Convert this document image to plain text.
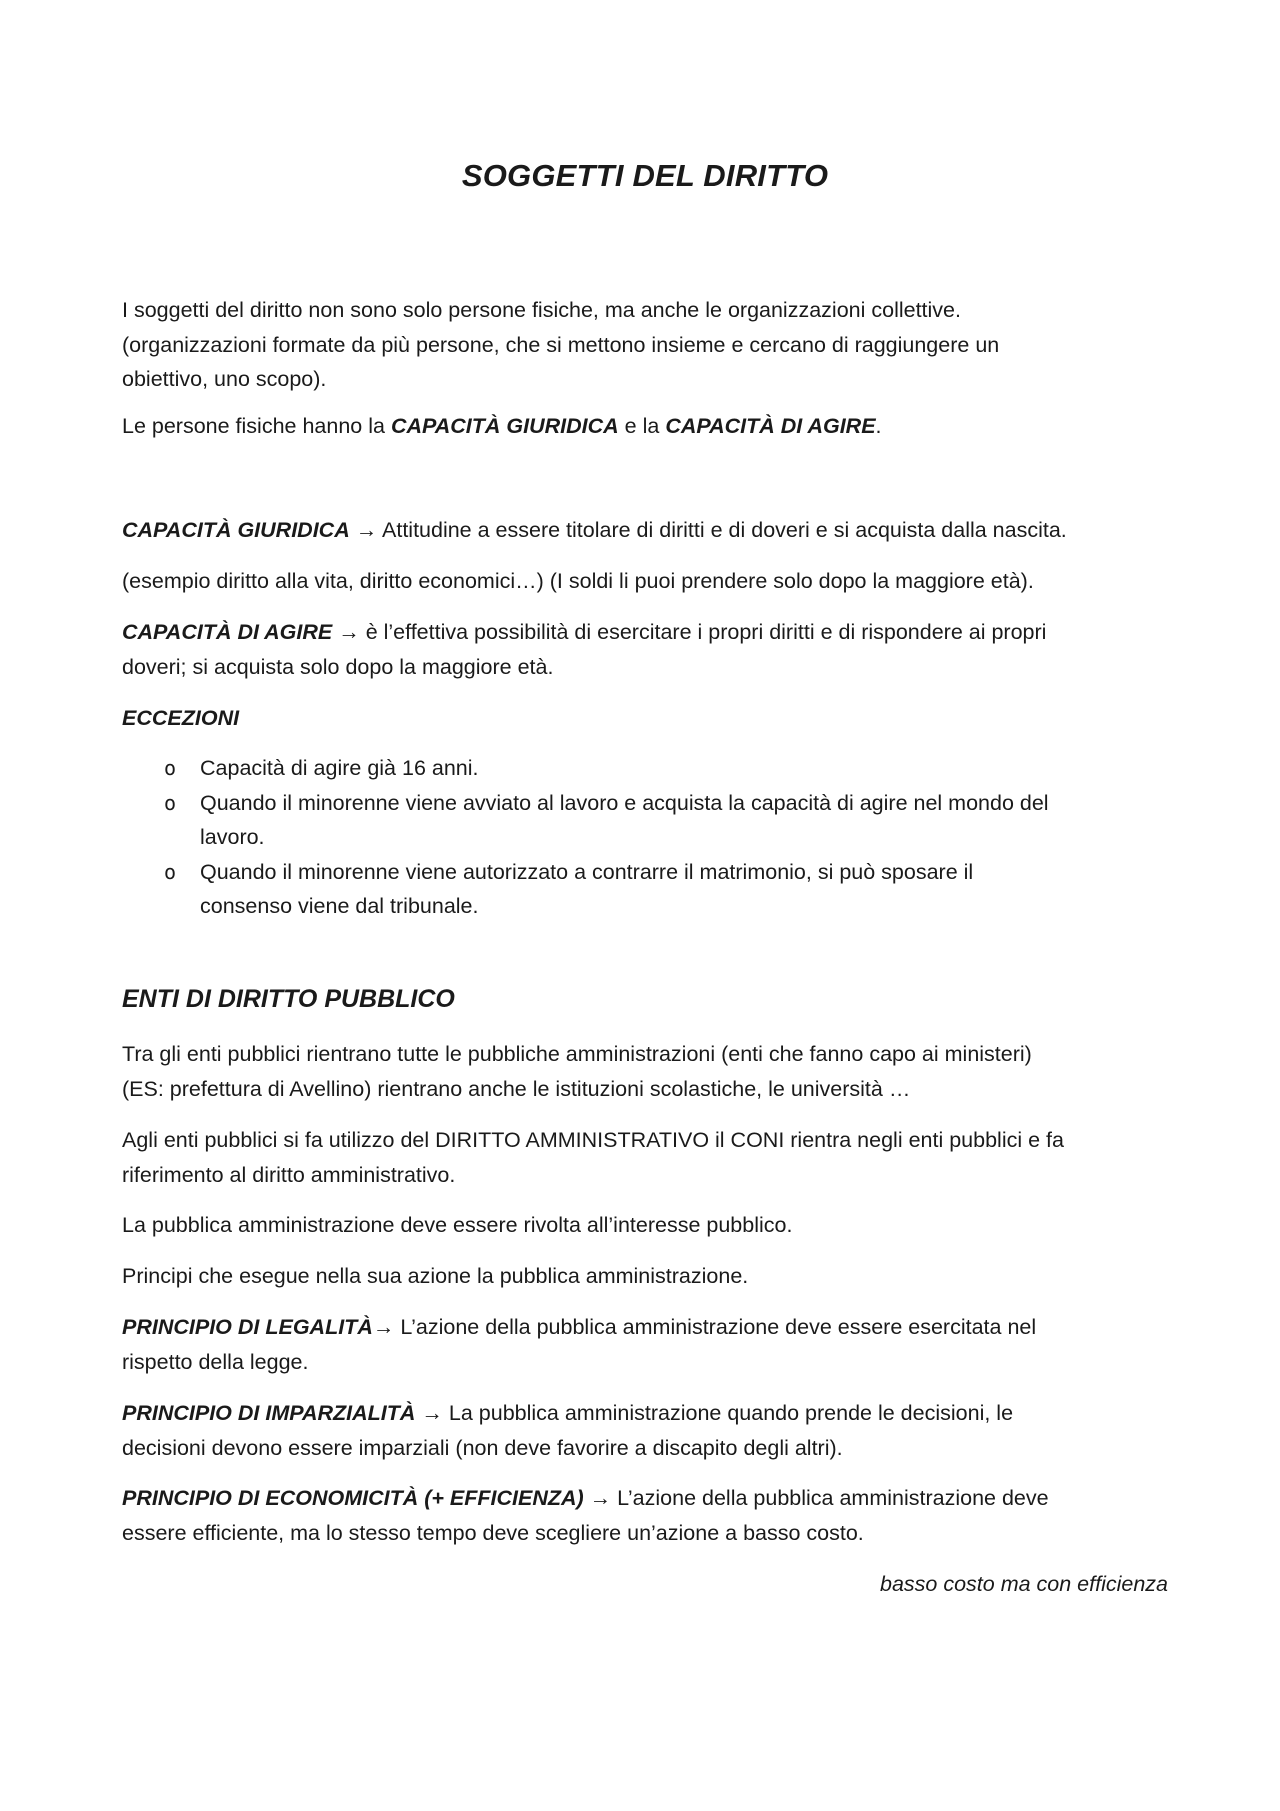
SOGGETTI DEL DIRITTO
I soggetti del diritto non sono solo persone fisiche, ma anche le organizzazioni collettive.
(organizzazioni formate da più persone, che si mettono insieme e cercano di raggiungere un
obiettivo, uno scopo).
Le persone fisiche hanno la CAPACITÀ GIURIDICA e la CAPACITÀ DI AGIRE.
CAPACITÀ GIURIDICA → Attitudine a essere titolare di diritti e di doveri e si acquista dalla nascita.
(esempio diritto alla vita, diritto economici…) (I soldi li puoi prendere solo dopo la maggiore età).
CAPACITÀ DI AGIRE → è l’effettiva possibilità di esercitare i propri diritti e di rispondere ai propri
doveri; si acquista solo dopo la maggiore età.
ECCEZIONI
o Capacità di agire già 16 anni.
o Quando il minorenne viene avviato al lavoro e acquista la capacità di agire nel mondo del
lavoro.
o Quando il minorenne viene autorizzato a contrarre il matrimonio, si può sposare il
consenso viene dal tribunale.
ENTI DI DIRITTO PUBBLICO
Tra gli enti pubblici rientrano tutte le pubbliche amministrazioni (enti che fanno capo ai ministeri)
(ES: prefettura di Avellino) rientrano anche le istituzioni scolastiche, le università …
Agli enti pubblici si fa utilizzo del DIRITTO AMMINISTRATIVO il CONI rientra negli enti pubblici e fa
riferimento al diritto amministrativo.
La pubblica amministrazione deve essere rivolta all’interesse pubblico.
Principi che esegue nella sua azione la pubblica amministrazione.
PRINCIPIO DI LEGALITÀ→ L’azione della pubblica amministrazione deve essere esercitata nel
rispetto della legge.
PRINCIPIO DI IMPARZIALITÀ → La pubblica amministrazione quando prende le decisioni, le
decisioni devono essere imparziali (non deve favorire a discapito degli altri).
PRINCIPIO DI ECONOMICITÀ (+ EFFICIENZA) → L’azione della pubblica amministrazione deve
essere efficiente, ma lo stesso tempo deve scegliere un’azione a basso costo.
basso costo ma con efficienza
